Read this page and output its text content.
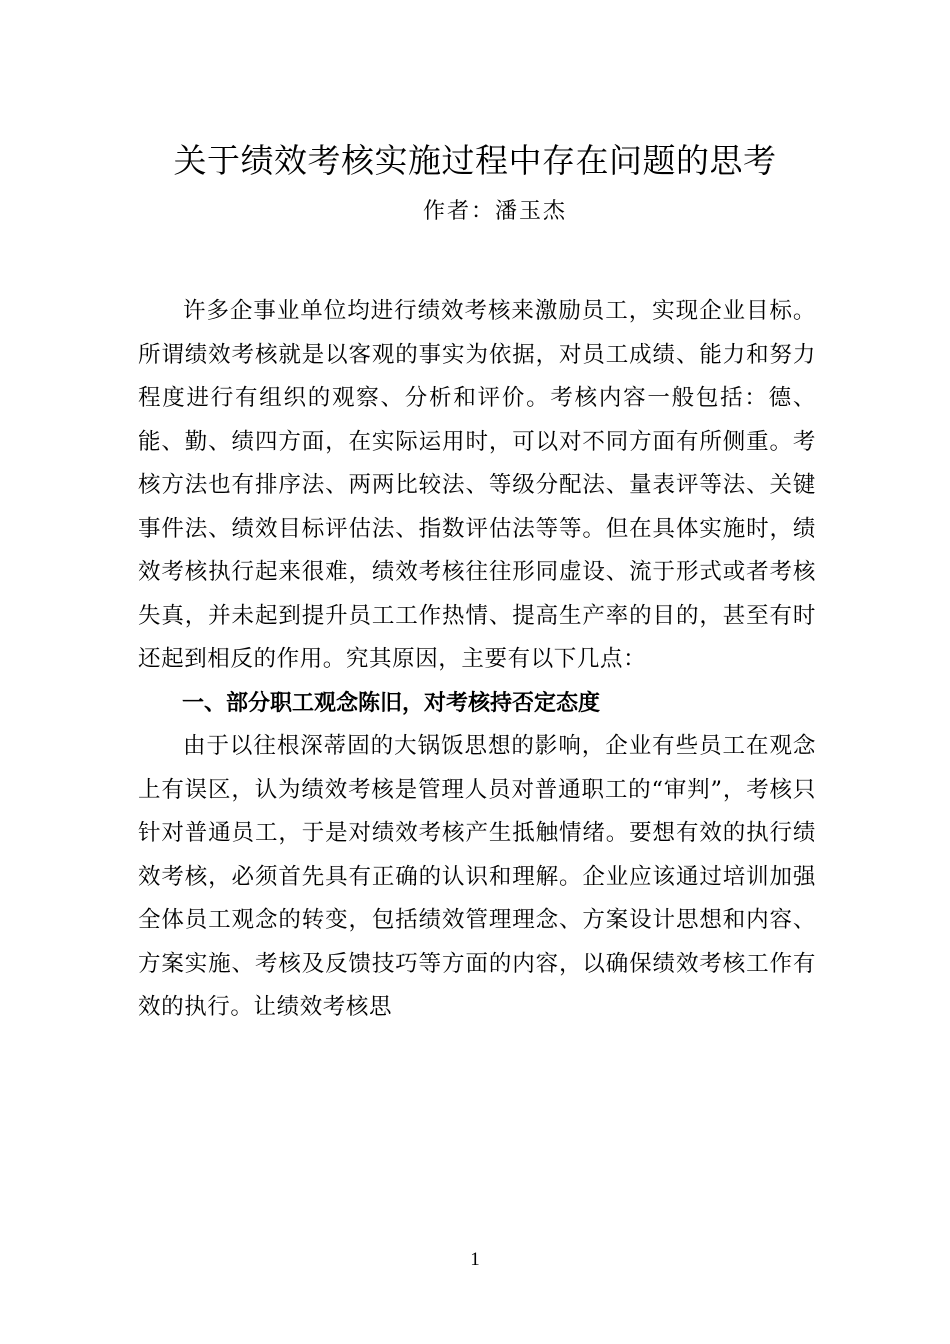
关于绩效考核实施过程中存在问题的思考
作者：潘玉杰

许多企事业单位均进行绩效考核来激励员工，实现企业目标。所谓绩效考核就是以客观的事实为依据，对员工成绩、能力和努力程度进行有组织的观察、分析和评价。考核内容一般包括：德、能、勤、绩四方面，在实际运用时，可以对不同方面有所侧重。考核方法也有排序法、两两比较法、等级分配法、量表评等法、关键事件法、绩效目标评估法、指数评估法等等。但在具体实施时，绩效考核执行起来很难，绩效考核往往形同虚设、流于形式或者考核失真，并未起到提升员工工作热情、提高生产率的目的，甚至有时还起到相反的作用。究其原因，主要有以下几点：

一、部分职工观念陈旧，对考核持否定态度

由于以往根深蒂固的大锅饭思想的影响，企业有些员工在观念上有误区，认为绩效考核是管理人员对普通职工的“审判”，考核只针对普通员工，于是对绩效考核产生抵触情绪。要想有效的执行绩效考核，必须首先具有正确的认识和理解。企业应该通过培训加强全体员工观念的转变，包括绩效管理理念、方案设计思想和内容、方案实施、考核及反馈技巧等方面的内容，以确保绩效考核工作有效的执行。让绩效考核思

1
